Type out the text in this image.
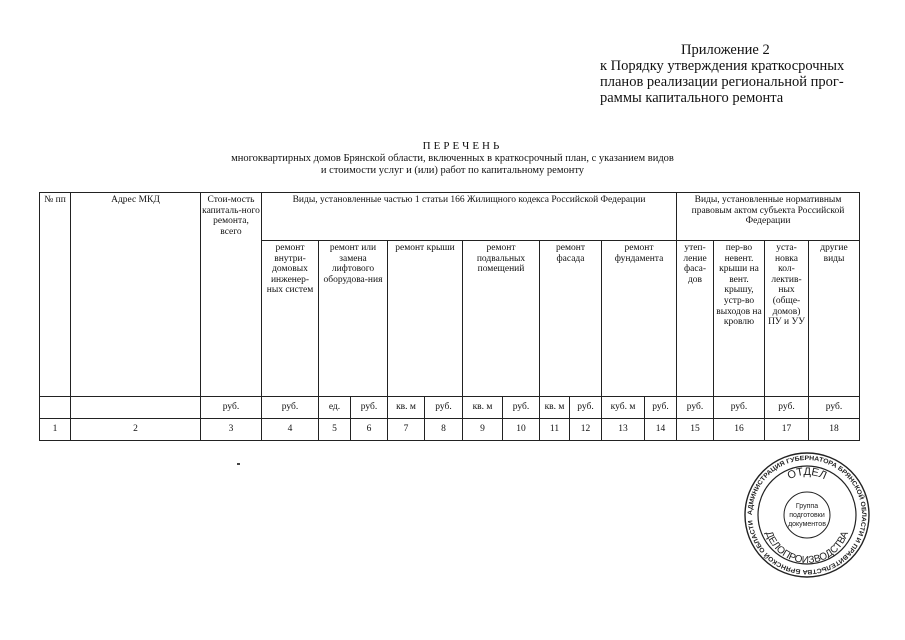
Приложение 2
к Порядку утверждения краткосрочных
планов реализации региональной прог-
раммы капитального ремонта
ПЕРЕЧЕНЬ
многоквартирных домов Брянской области, включенных в краткосрочный план, с указанием видов
и стоимости услуг и (или) работ по капитальному ремонту
№ пп	Адрес МКД	Стои-мость капиталь-ного ремонта, всего	Виды, установленные частью 1 статьи 166 Жилищного кодекса Российской Федерации											Виды, установленные нормативным правовым актом субъекта Российской Федерации			
			ремонт внутри-домовых инженер-ных систем	ремонт или замена лифтового оборудова-ния		ремонт крыши		ремонт подвальных помещений		ремонт фасада		ремонт фундамента		утеп-ление фаса-дов	пер-во невент. крыши на вент. крышу, устр-во выходов на кровлю	уста-новка кол-лектив-ных (обще-домов) ПУ и УУ	другие виды
		руб.	руб.	ед.	руб.	кв. м	руб.	кв. м	руб.	кв. м	руб.	куб. м	руб.	руб.	руб.	руб.	руб.
1	2	3	4	5	6	7	8	9	10	11	12	13	14	15	16	17	18
АДМИНИСТРАЦИЯ ГУБЕРНАТОРА БРЯНСКОЙ ОБЛАСТИ И ПРАВИТЕЛЬСТВА БРЯНСКОЙ ОБЛАСТИ
ОТДЕЛ
ДЕЛОПРОИЗВОДСТВА
Группа
подготовки
документов
